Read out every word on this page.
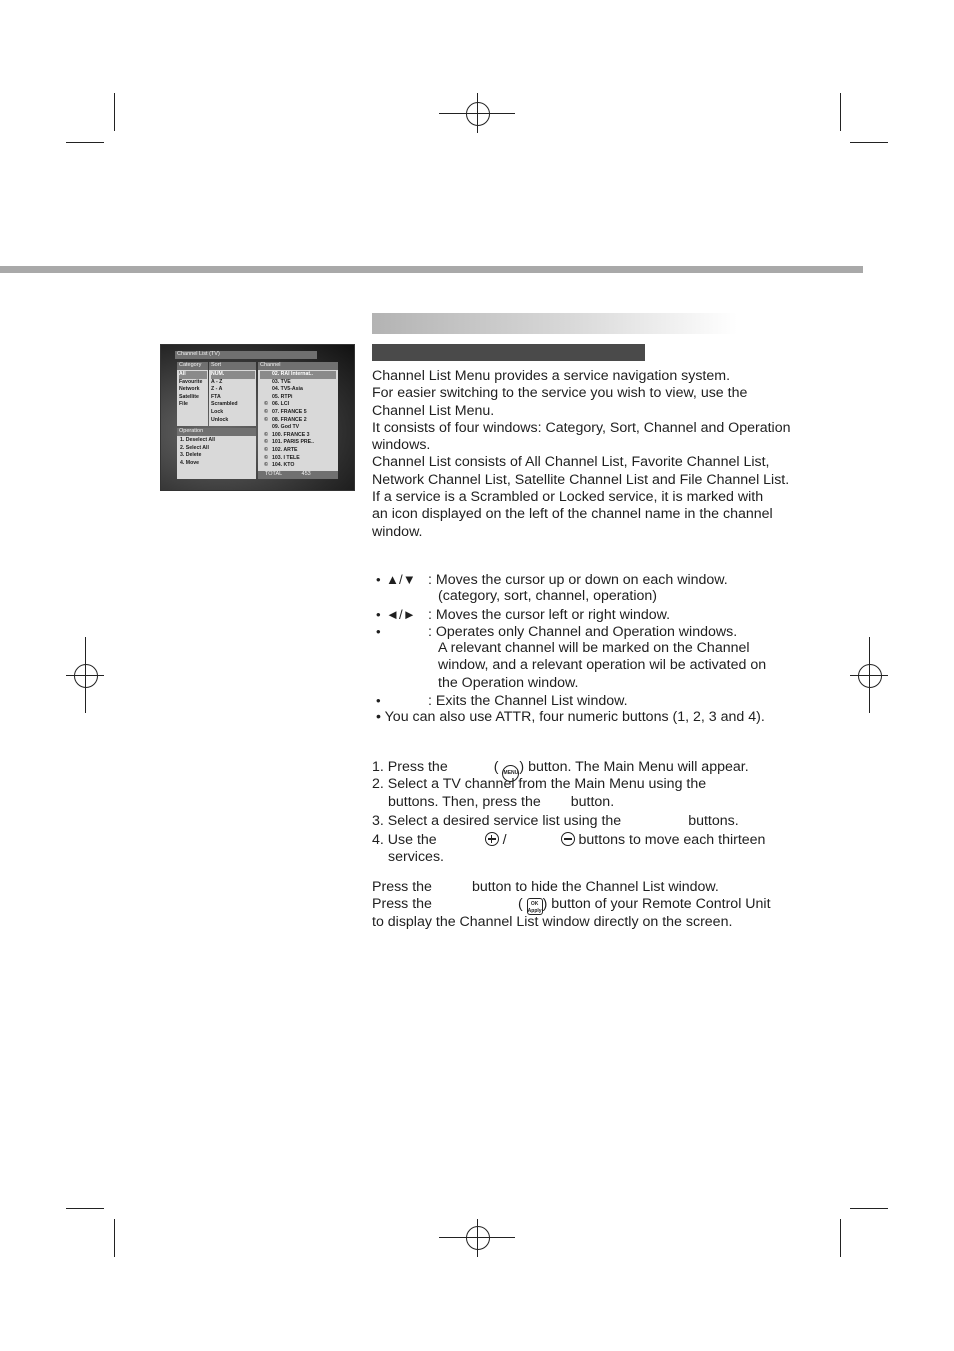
Channel List (TV)
Category	Sort	Channel
TOTAL	453
Operation
All
Favourite
Network
Satellite
File
NUM.
A - Z
Z - A
FTA
Scrambled
Lock
Unlock
1. Deselect All
2. Select All
3. Delete
4. Move
02. RAI Internat..
03. TVE
04. TV5-Asia
05. RTPi
© 06. LCI
© 07. FRANCE 5
© 08. FRANCE 2
09. God TV
© 100. FRANCE 3
© 101. PARIS PRE..
© 102. ARTE
© 103. I TELE
© 104. KTO
Channel List Menu provides a service navigation system.
For easier switching to the service you wish to view, use the
Channel List Menu.
It consists of four windows: Category, Sort, Channel and Operation
windows.
Channel List consists of All Channel List, Favorite Channel List,
Network Channel List, Satellite Channel List and File Channel List.
If a service is a Scrambled or Locked service, it is marked with
an icon displayed on the left of the channel name in the channel
window.
• ▲/▼ : Moves the cursor up or down on each window.
(category, sort, channel, operation)
• ◄/► : Moves the cursor left or right window.
•	: Operates only Channel and Operation windows.
A relevant channel will be marked on the Channel
window, and a relevant operation wil be activated on
the Operation window.
•	: Exits the Channel List window.
• You can also use ATTR, four numeric buttons (1, 2, 3 and 4).
1. Press the	( MENU) button. The Main Menu will appear.
2. Select a TV channel from the Main Menu using the
buttons. Then, press the button.
3. Select a desired service list using the	buttons.
4. Use the	/	buttons to move each thirteen
services.
Press the	button to hide the Channel List window.
Press the	( OK
Apply) button of your Remote Control Unit
to display the Channel List window directly on the screen.
